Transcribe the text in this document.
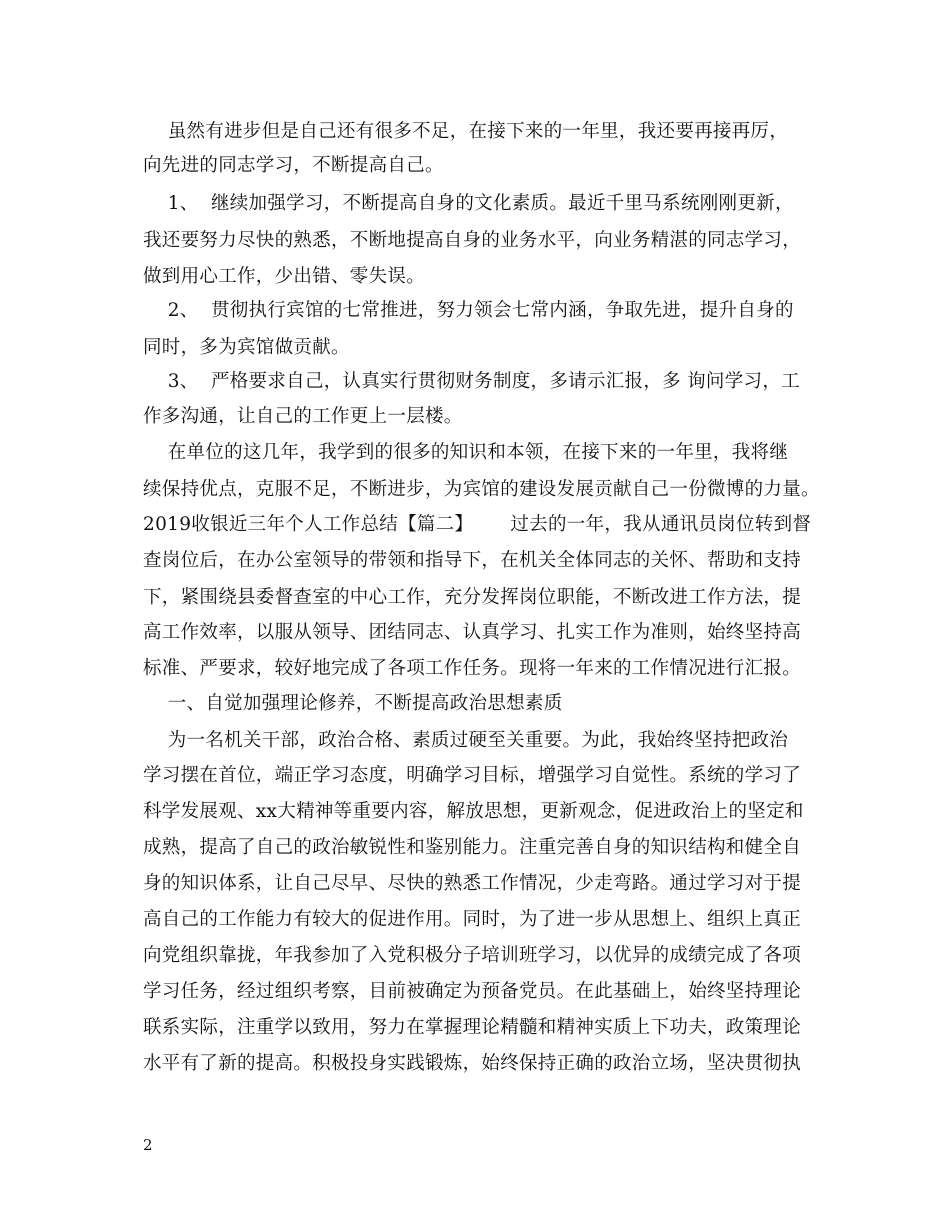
虽然有进步但是自己还有很多不足，在接下来的一年里，我还要再接再厉，
向先进的同志学习，不断提高自己。
1、  继续加强学习，不断提高自身的文化素质。最近千里马系统刚刚更新，
我还要努力尽快的熟悉，不断地提高自身的业务水平，向业务精湛的同志学习，
做到用心工作，少出错、零失误。
2、  贯彻执行宾馆的七常推进，努力领会七常内涵，争取先进，提升自身的
同时，多为宾馆做贡献。
3、  严格要求自己，认真实行贯彻财务制度，多请示汇报，多 询问学习，工
作多沟通，让自己的工作更上一层楼。
在单位的这几年，我学到的很多的知识和本领，在接下来的一年里，我将继
续保持优点，克服不足，不断进步，为宾馆的建设发展贡献自己一份微博的力量。
2019收银近三年个人工作总结【篇二】      过去的一年，我从通讯员岗位转到督
查岗位后，在办公室领导的带领和指导下，在机关全体同志的关怀、帮助和支持
下，紧围绕县委督查室的中心工作，充分发挥岗位职能，不断改进工作方法，提
高工作效率，以服从领导、团结同志、认真学习、扎实工作为准则，始终坚持高
标准、严要求，较好地完成了各项工作任务。现将一年来的工作情况进行汇报。
一、自觉加强理论修养，不断提高政治思想素质
为一名机关干部，政治合格、素质过硬至关重要。为此，我始终坚持把政治
学习摆在首位，端正学习态度，明确学习目标，增强学习自觉性。系统的学习了
科学发展观、xx大精神等重要内容，解放思想，更新观念，促进政治上的坚定和
成熟，提高了自己的政治敏锐性和鉴别能力。注重完善自身的知识结构和健全自
身的知识体系，让自己尽早、尽快的熟悉工作情况，少走弯路。通过学习对于提
高自己的工作能力有较大的促进作用。同时，为了进一步从思想上、组织上真正
向党组织靠拢，年我参加了入党积极分子培训班学习，以优异的成绩完成了各项
学习任务，经过组织考察，目前被确定为预备党员。在此基础上，始终坚持理论
联系实际，注重学以致用，努力在掌握理论精髓和精神实质上下功夫，政策理论
水平有了新的提高。积极投身实践锻炼，始终保持正确的政治立场，坚决贯彻执
2
